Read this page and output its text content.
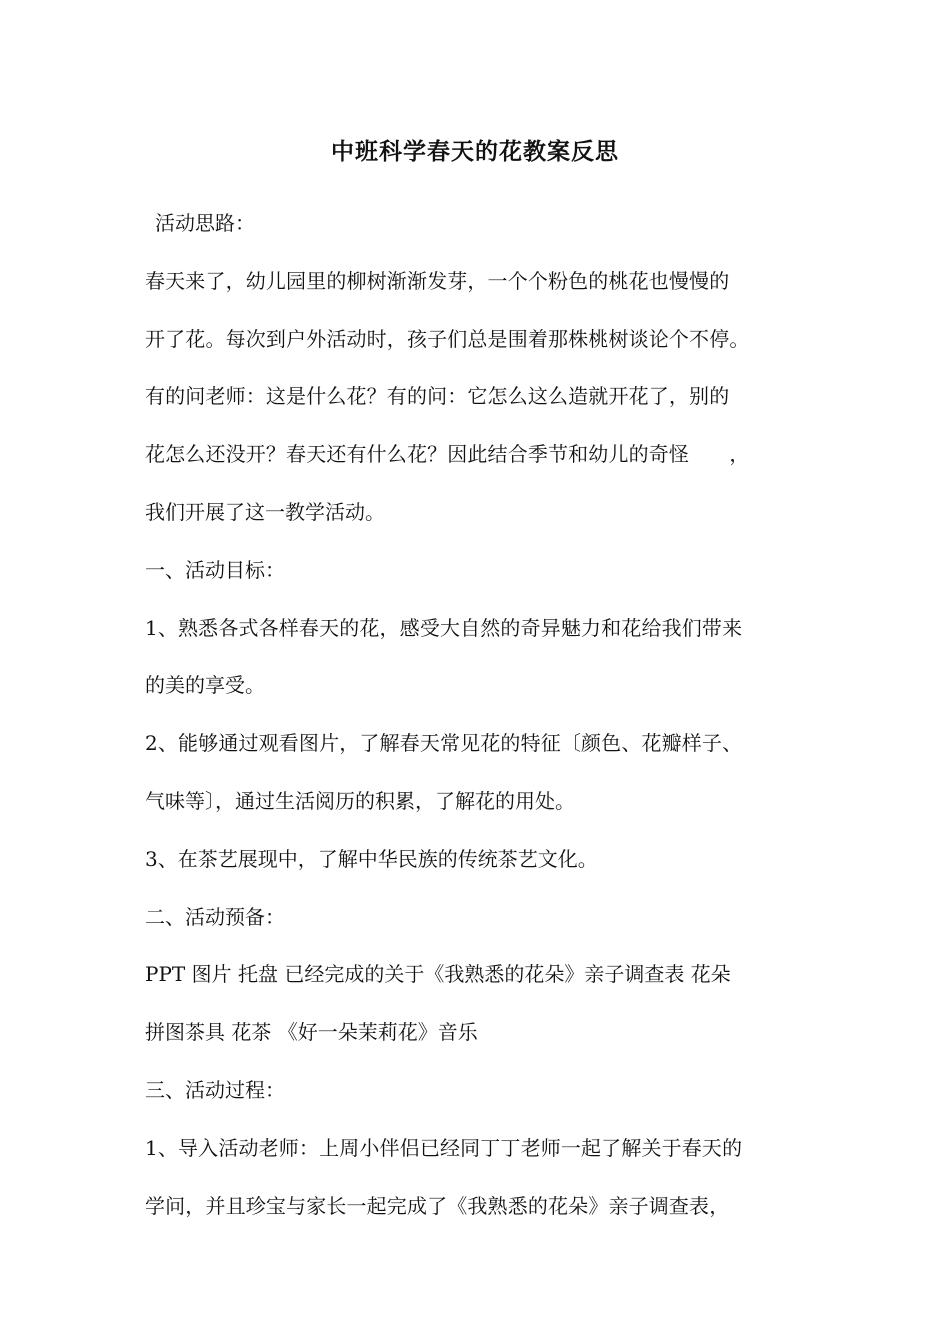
中班科学春天的花教案反思
活动思路：
春天来了，幼儿园里的柳树渐渐发芽，一个个粉色的桃花也慢慢的
开了花。每次到户外活动时，孩子们总是围着那株桃树谈论个不停。
有的问老师：这是什么花？有的问：它怎么这么造就开花了，别的
花怎么还没开？春天还有什么花？因此结合季节和幼儿的奇怪　　，
我们开展了这一教学活动。
一、活动目标：
1、熟悉各式各样春天的花，感受大自然的奇异魅力和花给我们带来
的美的享受。
2、能够通过观看图片，了解春天常见花的特征〔颜色、花瓣样子、
气味等〕，通过生活阅历的积累，了解花的用处。
3、在茶艺展现中，了解中华民族的传统茶艺文化。
二、活动预备：
PPT 图片 托盘 已经完成的关于《我熟悉的花朵》亲子调查表 花朵
拼图茶具 花茶 《好一朵茉莉花》音乐
三、活动过程：
1、导入活动老师：上周小伴侣已经同丁丁老师一起了解关于春天的
学问，并且珍宝与家长一起完成了《我熟悉的花朵》亲子调查表，
